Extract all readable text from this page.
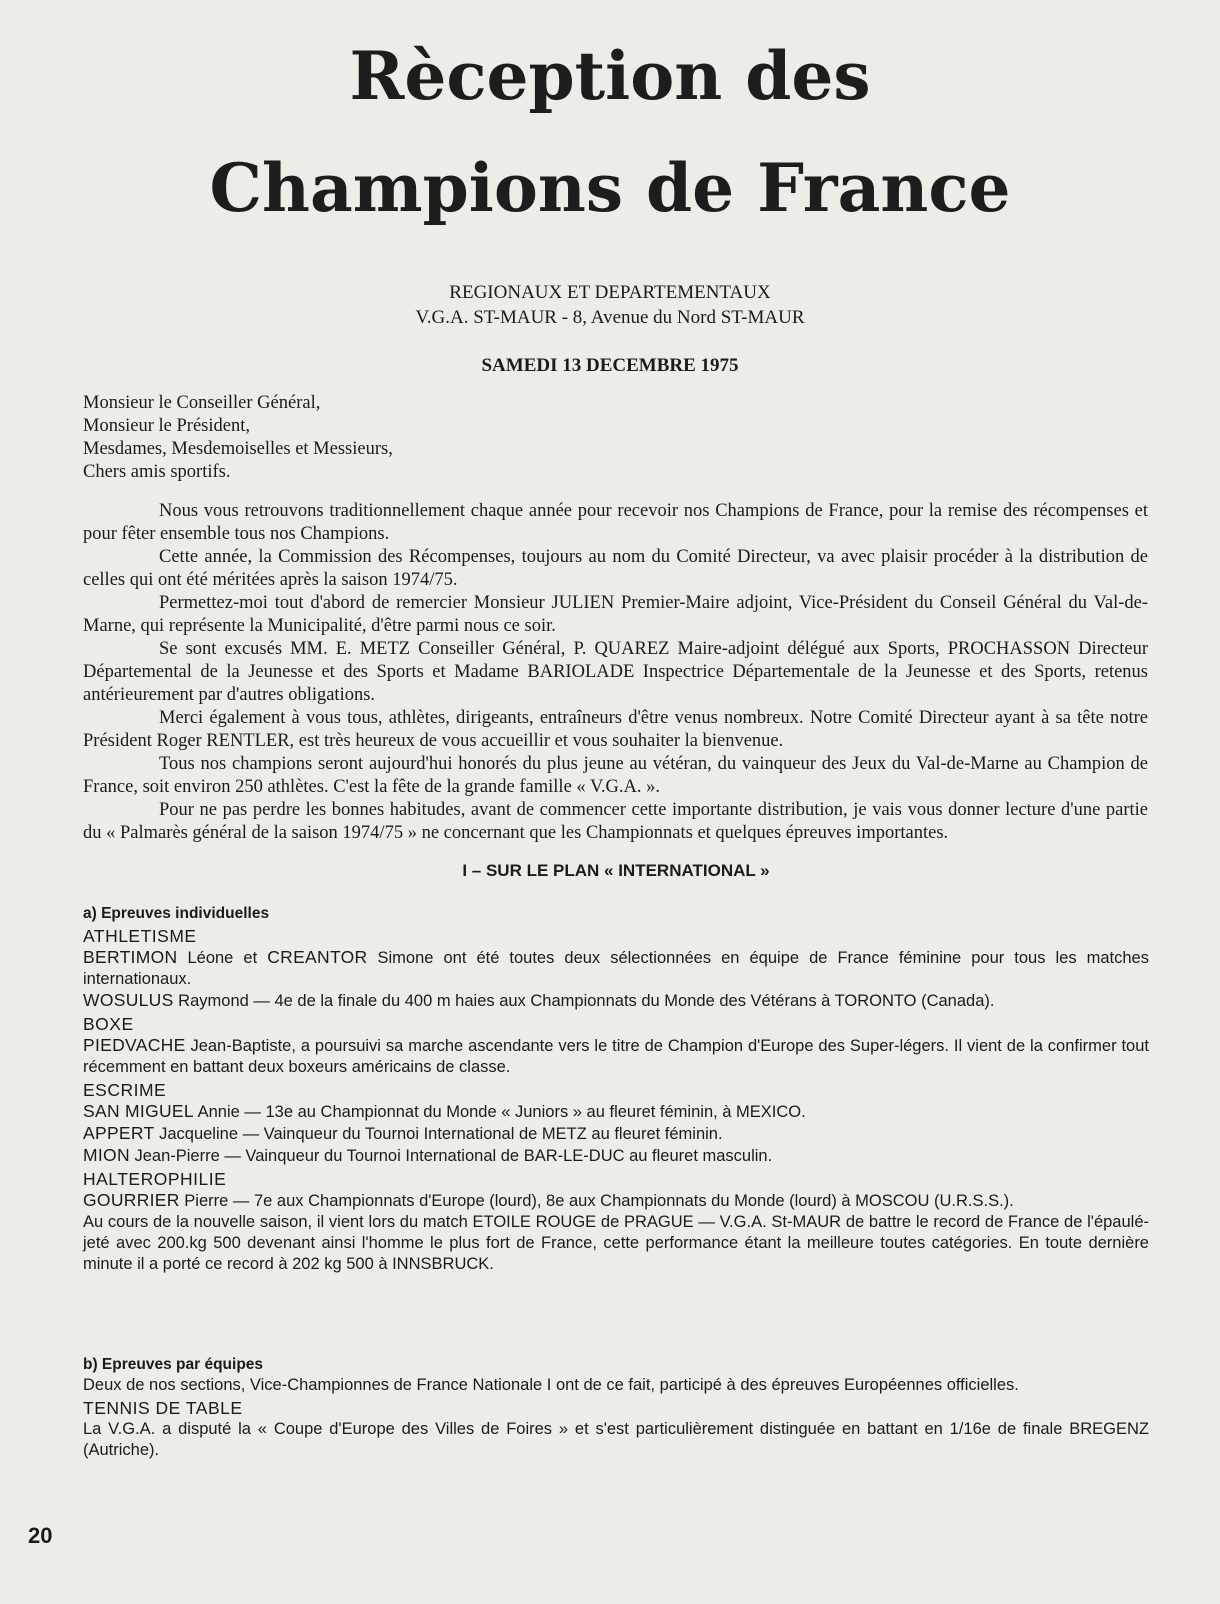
Rèception des
Champions de France
REGIONAUX ET DEPARTEMENTAUX
V.G.A. ST-MAUR - 8, Avenue du Nord ST-MAUR
SAMEDI 13 DECEMBRE 1975

Monsieur le Conseiller Général,

Monsieur le Président,

Mesdames, Mesdemoiselles et Messieurs,

Chers amis sportifs.

Nous vous retrouvons traditionnellement chaque année pour recevoir nos Champions de France, pour la remise des récompenses et pour fêter ensemble tous nos Champions.

Cette année, la Commission des Récompenses, toujours au nom du Comité Directeur, va avec plaisir procéder à la distribution de celles qui ont été méritées après la saison 1974/75.

Permettez-moi tout d'abord de remercier Monsieur JULIEN Premier-Maire adjoint, Vice-Président du Conseil Général du Val-de-Marne, qui représente la Municipalité, d'être parmi nous ce soir.

Se sont excusés MM. E. METZ Conseiller Général, P. QUAREZ Maire-adjoint délégué aux Sports, PROCHASSON Directeur Départemental de la Jeunesse et des Sports et Madame BARIOLADE Inspectrice Départementale de la Jeunesse et des Sports, retenus antérieurement par d'autres obligations.

Merci également à vous tous, athlètes, dirigeants, entraîneurs d'être venus nombreux. Notre Comité Directeur ayant à sa tête notre Président Roger RENTLER, est très heureux de vous accueillir et vous souhaiter la bienvenue.

Tous nos champions seront aujourd'hui honorés du plus jeune au vétéran, du vainqueur des Jeux du Val-de-Marne au Champion de France, soit environ 250 athlètes. C'est la fête de la grande famille « V.G.A. ».

Pour ne pas perdre les bonnes habitudes, avant de commencer cette importante distribution, je vais vous donner lecture d'une partie du « Palmarès général de la saison 1974/75 » ne concernant que les Championnats et quelques épreuves importantes.

I – SUR LE PLAN « INTERNATIONAL »

a) Epreuves individuelles

ATHLETISME

BERTIMON Léone et CREANTOR Simone ont été toutes deux sélectionnées en équipe de France féminine pour tous les matches internationaux.

WOSULUS Raymond — 4e de la finale du 400 m haies aux Championnats du Monde des Vétérans à TORONTO (Canada).

BOXE

PIEDVACHE Jean-Baptiste, a poursuivi sa marche ascendante vers le titre de Champion d'Europe des Super-légers. Il vient de la confirmer tout récemment en battant deux boxeurs américains de classe.

ESCRIME

SAN MIGUEL Annie — 13e au Championnat du Monde « Juniors » au fleuret féminin, à MEXICO.

APPERT Jacqueline — Vainqueur du Tournoi International de METZ au fleuret féminin.

MION Jean-Pierre — Vainqueur du Tournoi International de BAR-LE-DUC au fleuret masculin.

HALTEROPHILIE

GOURRIER Pierre — 7e aux Championnats d'Europe (lourd), 8e aux Championnats du Monde (lourd) à MOSCOU (U.R.S.S.).

Au cours de la nouvelle saison, il vient lors du match ETOILE ROUGE de PRAGUE — V.G.A. St-MAUR de battre le record de France de l'épaulé-jeté avec 200.kg 500 devenant ainsi l'homme le plus fort de France, cette performance étant la meilleure toutes catégories. En toute dernière minute il a porté ce record à 202 kg 500 à INNSBRUCK.

b) Epreuves par équipes

Deux de nos sections, Vice-Championnes de France Nationale I ont de ce fait, participé à des épreuves Européennes officielles.

TENNIS DE TABLE

La V.G.A. a disputé la « Coupe d'Europe des Villes de Foires » et s'est particulièrement distinguée en battant en 1/16e de finale BREGENZ (Autriche).

20
